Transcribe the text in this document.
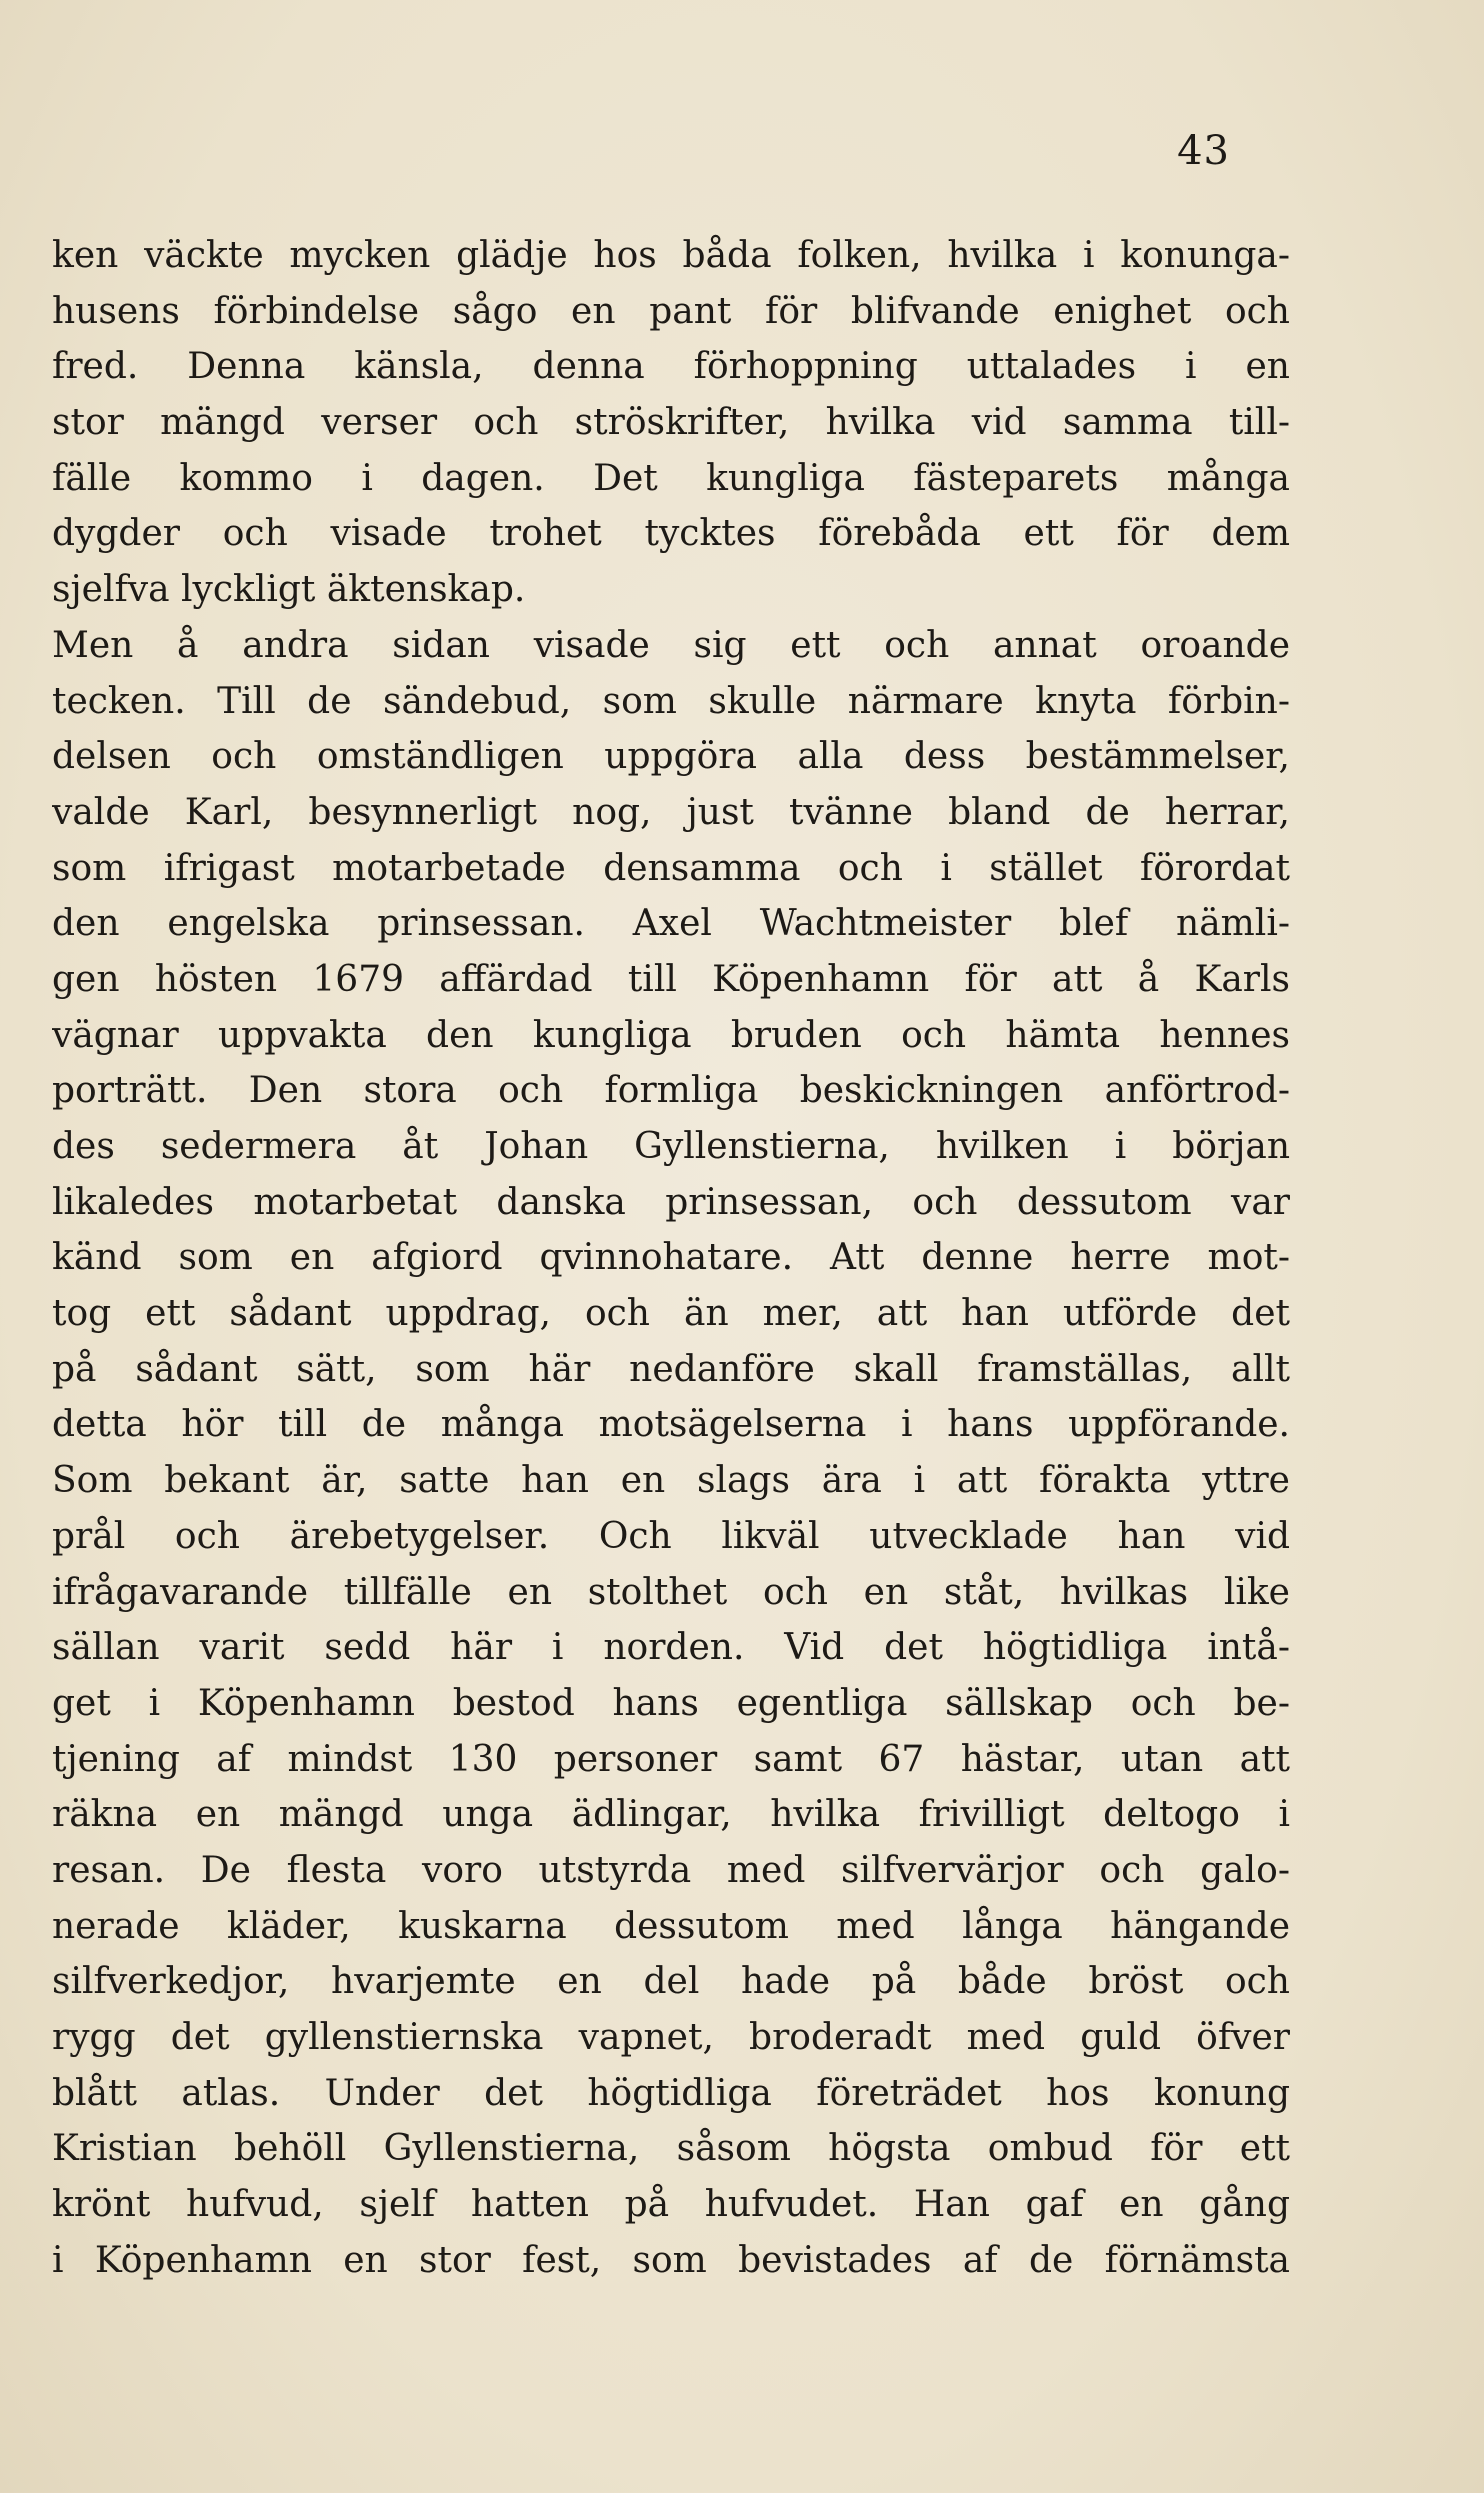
43
ken väckte mycken glädje hos båda folken, hvilka i konunga-
husens förbindelse sågo en pant för blifvande enighet och
fred. Denna känsla, denna förhoppning uttalades i en
stor mängd verser och ströskrifter, hvilka vid samma till-
fälle kommo i dagen. Det kungliga fästeparets många
dygder och visade trohet tycktes förebåda ett för dem
sjelfva lyckligt äktenskap.
Men å andra sidan visade sig ett och annat oroande
tecken. Till de sändebud, som skulle närmare knyta förbin-
delsen och omständligen uppgöra alla dess bestämmelser,
valde Karl, besynnerligt nog, just tvänne bland de herrar,
som ifrigast motarbetade densamma och i stället förordat
den engelska prinsessan. Axel Wachtmeister blef nämli-
gen hösten 1679 affärdad till Köpenhamn för att å Karls
vägnar uppvakta den kungliga bruden och hämta hennes
porträtt. Den stora och formliga beskickningen anförtrod-
des sedermera åt Johan Gyllenstierna, hvilken i början
likaledes motarbetat danska prinsessan, och dessutom var
känd som en afgiord qvinnohatare. Att denne herre mot-
tog ett sådant uppdrag, och än mer, att han utförde det
på sådant sätt, som här nedanföre skall framställas, allt
detta hör till de många motsägelserna i hans uppförande.
Som bekant är, satte han en slags ära i att förakta yttre
prål och ärebetygelser. Och likväl utvecklade han vid
ifrågavarande tillfälle en stolthet och en ståt, hvilkas like
sällan varit sedd här i norden. Vid det högtidliga intå-
get i Köpenhamn bestod hans egentliga sällskap och be-
tjening af mindst 130 personer samt 67 hästar, utan att
räkna en mängd unga ädlingar, hvilka frivilligt deltogo i
resan. De flesta voro utstyrda med silfvervärjor och galo-
nerade kläder, kuskarna dessutom med långa hängande
silfverkedjor, hvarjemte en del hade på både bröst och
rygg det gyllenstiernska vapnet, broderadt med guld öfver
blått atlas. Under det högtidliga företrädet hos konung
Kristian behöll Gyllenstierna, såsom högsta ombud för ett
krönt hufvud, sjelf hatten på hufvudet. Han gaf en gång
i Köpenhamn en stor fest, som bevistades af de förnämsta
